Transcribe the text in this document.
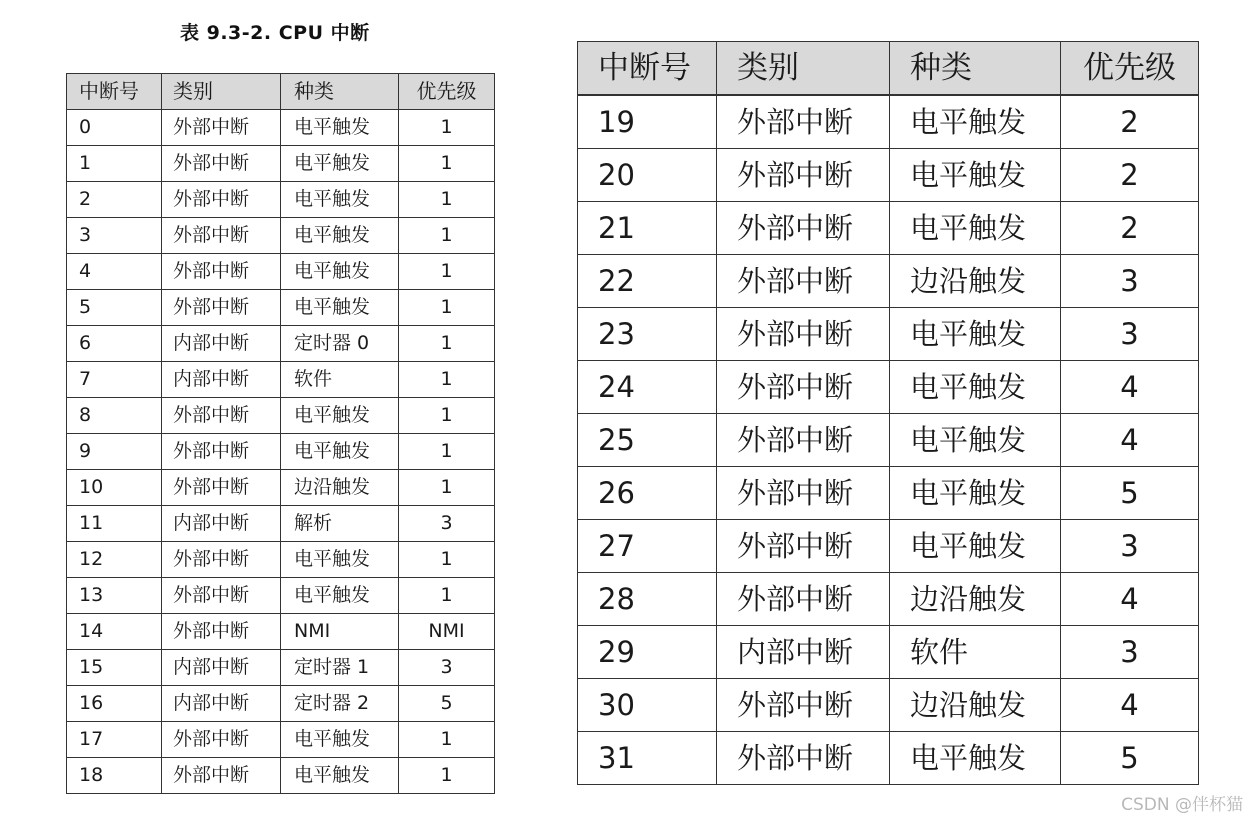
表 9.3-2. CPU 中断
中断号	类别	种类	优先级
0	外部中断	电平触发	1
1	外部中断	电平触发	1
2	外部中断	电平触发	1
3	外部中断	电平触发	1
4	外部中断	电平触发	1
5	外部中断	电平触发	1
6	内部中断	定时器 0	1
7	内部中断	软件	1
8	外部中断	电平触发	1
9	外部中断	电平触发	1
10	外部中断	边沿触发	1
11	内部中断	解析	3
12	外部中断	电平触发	1
13	外部中断	电平触发	1
14	外部中断	NMI	NMI
15	内部中断	定时器 1	3
16	内部中断	定时器 2	5
17	外部中断	电平触发	1
18	外部中断	电平触发	1
中断号	类别	种类	优先级
19	外部中断	电平触发	2
20	外部中断	电平触发	2
21	外部中断	电平触发	2
22	外部中断	边沿触发	3
23	外部中断	电平触发	3
24	外部中断	电平触发	4
25	外部中断	电平触发	4
26	外部中断	电平触发	5
27	外部中断	电平触发	3
28	外部中断	边沿触发	4
29	内部中断	软件	3
30	外部中断	边沿触发	4
31	外部中断	电平触发	5
CSDN @伴杯猫
